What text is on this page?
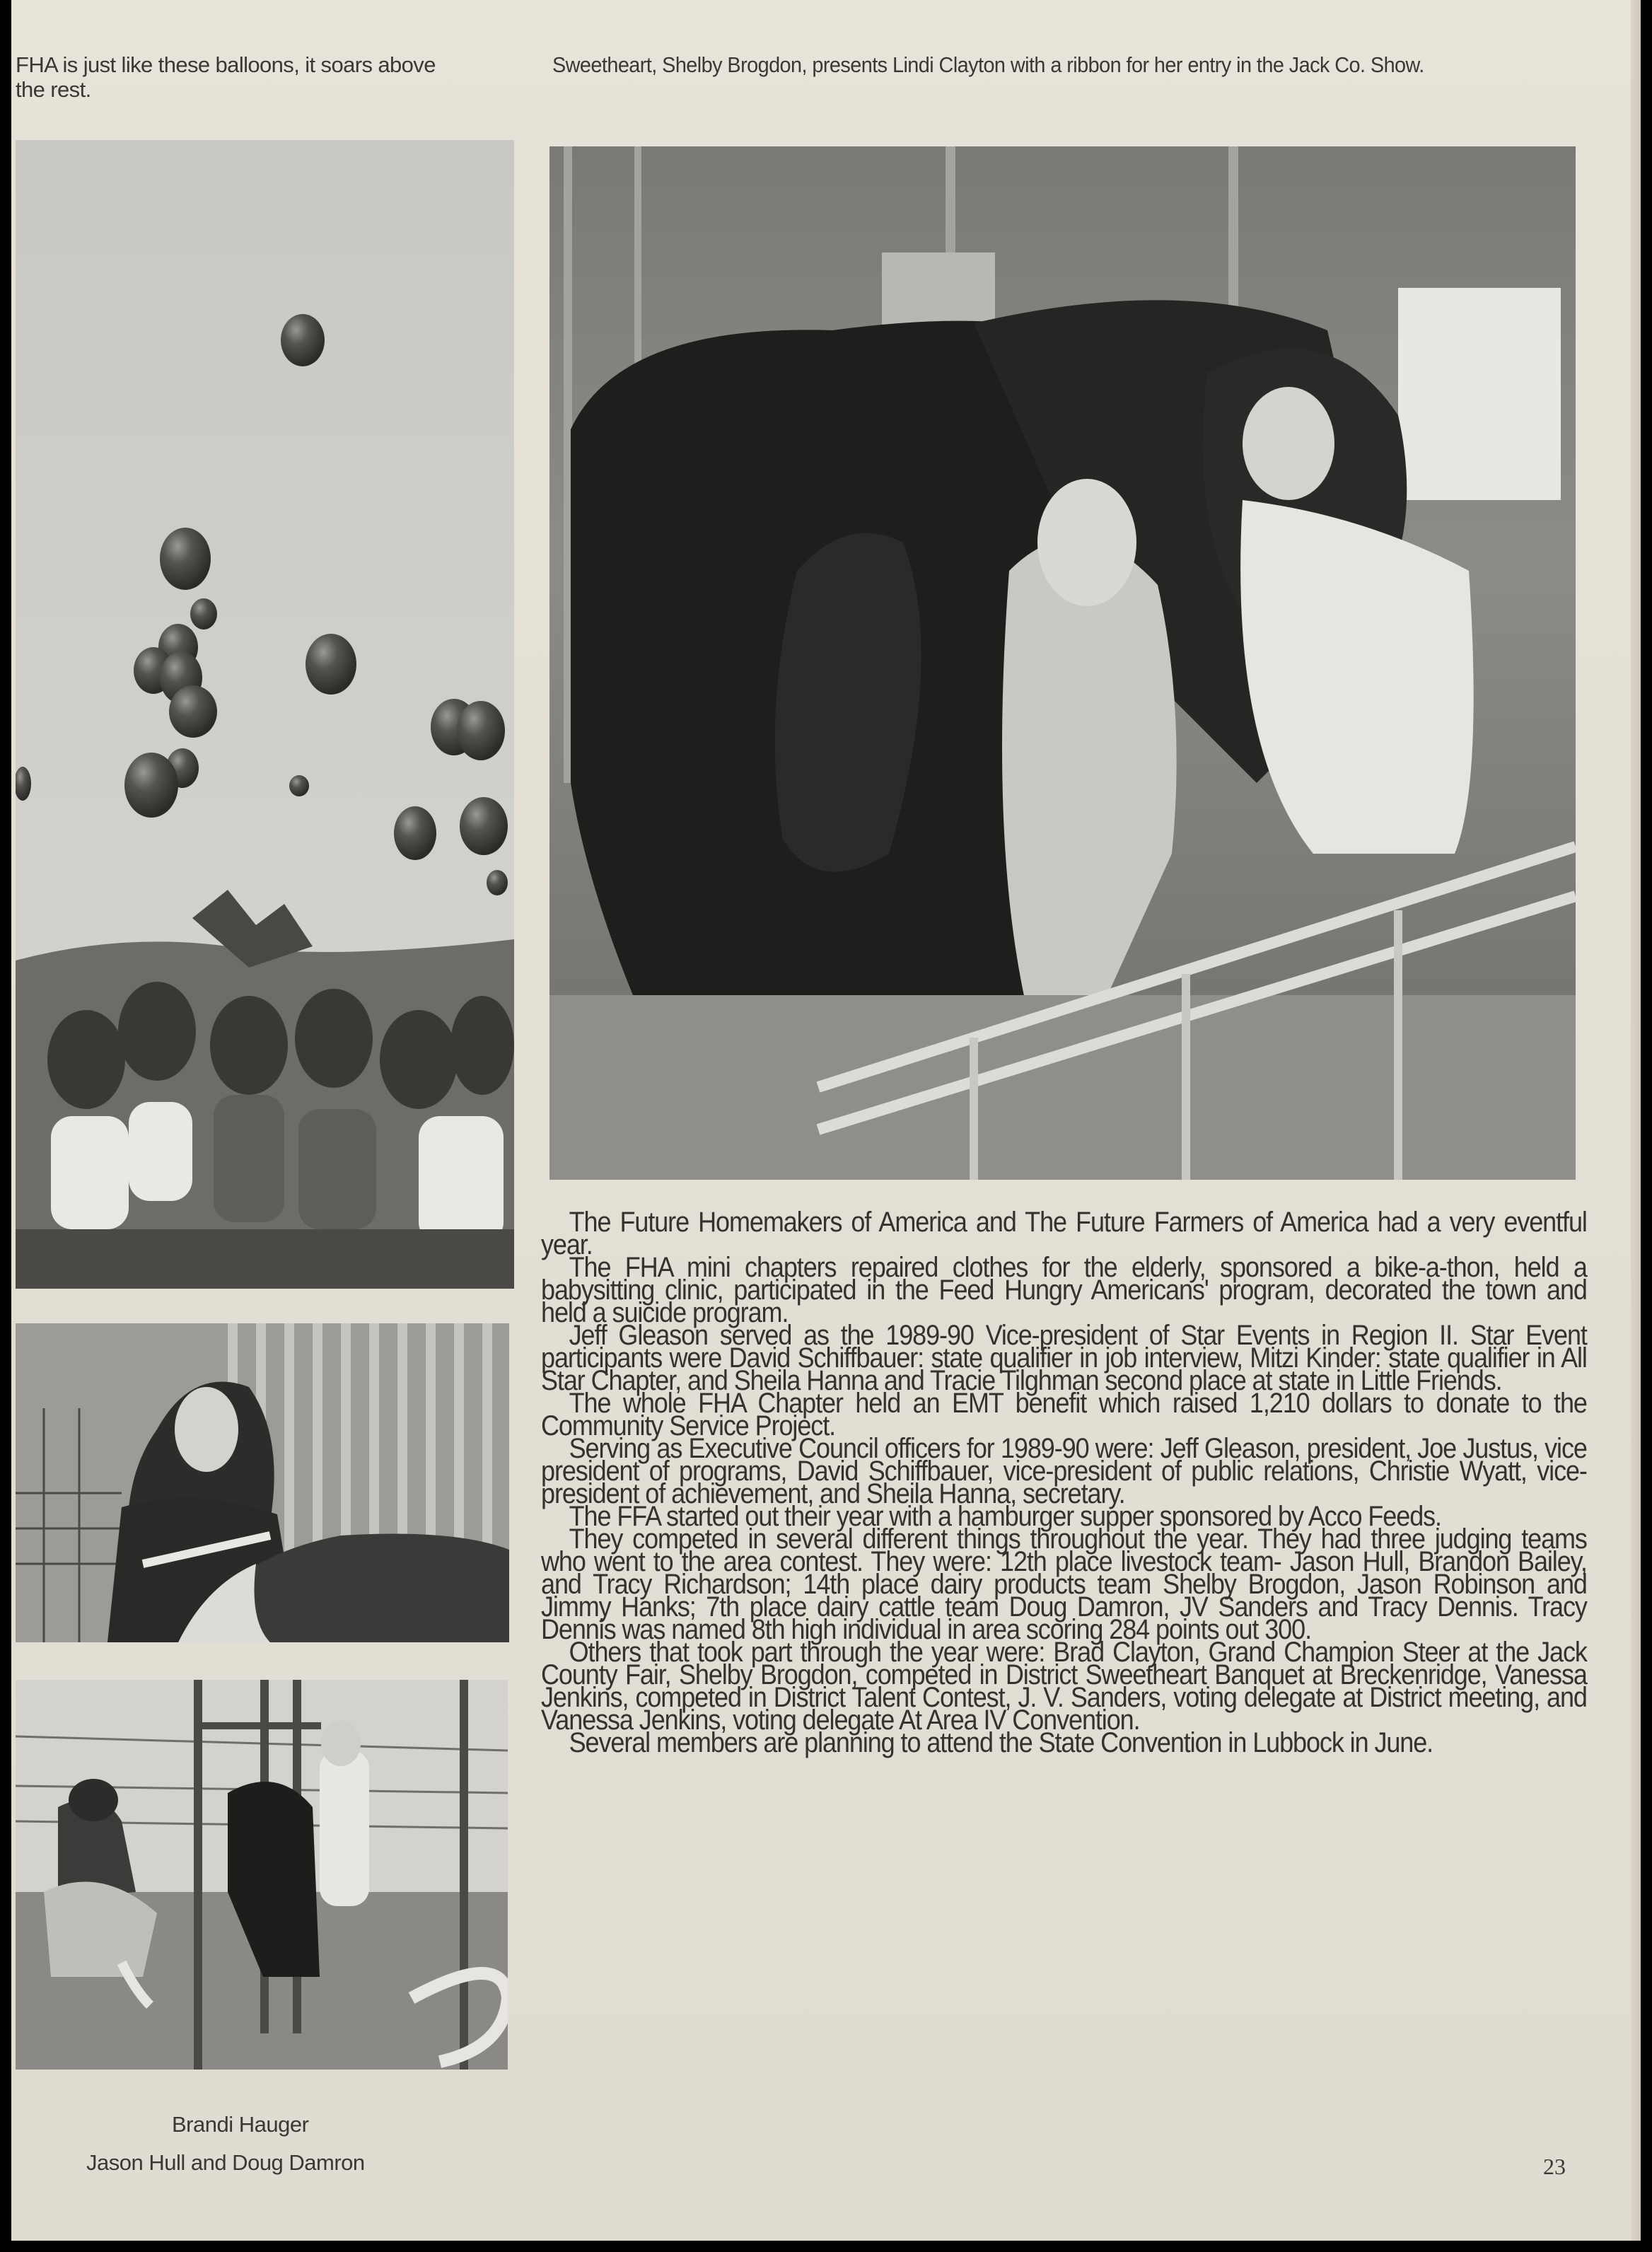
FHA is just like these balloons, it soars above the rest.
Sweetheart, Shelby Brogdon, presents Lindi Clayton with a ribbon for her entry in the Jack Co. Show.

The Future Homemakers of America and The Future Farmers of America had a very eventful year.

The FHA mini chapters repaired clothes for the elderly, sponsored a bike-a-thon, held a babysitting clinic, participated in the Feed Hungry Americans' program, decorated the town and held a suicide program.

Jeff Gleason served as the 1989-90 Vice-president of Star Events in Region II. Star Event participants were David Schiffbauer: state qualifier in job interview, Mitzi Kinder: state qualifier in All Star Chapter, and Sheila Hanna and Tracie Tilghman second place at state in Little Friends.

The whole FHA Chapter held an EMT benefit which raised 1,210 dollars to donate to the Community Service Project.

Serving as Executive Council officers for 1989-90 were: Jeff Gleason, president, Joe Justus, vice president of programs, David Schiffbauer, vice-president of public relations, Christie Wyatt, vice-president of achievement, and Sheila Hanna, secretary.

The FFA started out their year with a hamburger supper sponsored by Acco Feeds.

They competed in several different things throughout the year. They had three judging teams who went to the area contest. They were: 12th place livestock team- Jason Hull, Brandon Bailey, and Tracy Richardson; 14th place dairy products team Shelby Brogdon, Jason Robinson and Jimmy Hanks; 7th place dairy cattle team Doug Damron, JV Sanders and Tracy Dennis. Tracy Dennis was named 8th high individual in area scoring 284 points out 300.

Others that took part through the year were: Brad Clayton, Grand Champion Steer at the Jack County Fair, Shelby Brogdon, competed in District Sweetheart Banquet at Breckenridge, Vanessa Jenkins, competed in District Talent Contest, J. V. Sanders, voting delegate at District meeting, and Vanessa Jenkins, voting delegate At Area IV Convention.

Several members are planning to attend the State Convention in Lubbock in June.

Brandi Hauger
Jason Hull and Doug Damron	23
